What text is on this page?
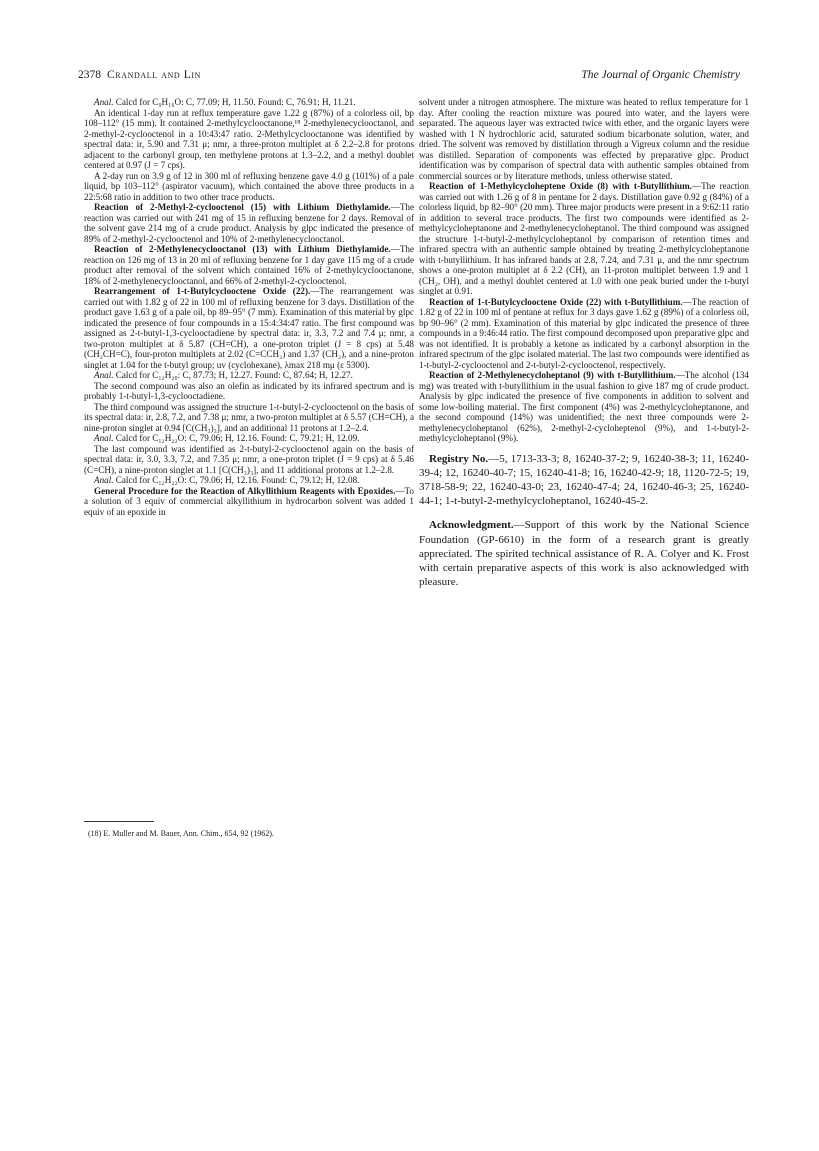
2378 Crandall and Lin	The Journal of Organic Chemistry

Anal. Calcd for C₉H₁₆O: C, 77.09; H, 11.50. Found: C, 76.91; H, 11.21.

An identical 1-day run at reflux temperature gave 1.22 g (87%) of a colorless oil, bp 108–112° (15 mm). It contained 2-methylcyclooctanone,¹⁸ 2-methylenecyclooctanol, and 2-methyl-2-cyclooctenol in a 10:43:47 ratio. 2-Methylcyclooctanone was identified by spectral data: ir, 5.90 and 7.31 μ; nmr, a three-proton multiplet at δ 2.2–2.8 for protons adjacent to the carbonyl group, ten methylene protons at 1.3–2.2, and a methyl doublet centered at 0.97 (J = 7 cps).

A 2-day run on 3.9 g of 12 in 300 ml of refluxing benzene gave 4.0 g (101%) of a pale liquid, bp 103–112° (aspirator vacuum), which contained the above three products in a 22:5:68 ratio in addition to two other trace products.

Reaction of 2-Methyl-2-cyclooctenol (15) with Lithium Diethylamide.—The reaction was carried out with 241 mg of 15 in refluxing benzene for 2 days. Removal of the solvent gave 214 mg of a crude product. Analysis by glpc indicated the presence of 89% of 2-methyl-2-cyclooctenol and 10% of 2-methylenecyclooctanol.

Reaction of 2-Methylenecyclooctanol (13) with Lithium Diethylamide.—The reaction on 126 mg of 13 in 20 ml of refluxing benzene for 1 day gave 115 mg of a crude product after removal of the solvent which contained 16% of 2-methylcyclooctanone, 18% of 2-methylenecyclooctanol, and 66% of 2-methyl-2-cyclooctenol.

Rearrangement of 1-t-Butylcyclooctene Oxide (22).—The rearrangement was carried out with 1.82 g of 22 in 100 ml of refluxing benzene for 3 days. Distillation of the product gave 1.63 g of a pale oil, bp 89–95° (7 mm). Examination of this material by glpc indicated the presence of four compounds in a 15:4:34:47 ratio. The first compound was assigned as 2-t-butyl-1,3-cyclooctadiene by spectral data: ir, 3.3, 7.2 and 7.4 μ; nmr, a two-proton multiplet at δ 5.87 (CH=CH), a one-proton triplet (J = 8 cps) at 5.48 (CH₂CH=C), four-proton multiplets at 2.02 (C=CCH₂) and 1.37 (CH₂), and a nine-proton singlet at 1.04 for the t-butyl group; uv (cyclohexane), λmax 218 mμ (ε 5300).

Anal. Calcd for C₁₂H₂₀: C, 87.73; H, 12.27. Found: C, 87.64; H, 12.27.

The second compound was also an olefin as indicated by its infrared spectrum and is probably 1-t-butyl-1,3-cyclooctadiene.

The third compound was assigned the structure 1-t-butyl-2-cyclooctenol on the basis of its spectral data: ir, 2.8, 7.2, and 7.38 μ; nmr, a two-proton multiplet at δ 5.57 (CH=CH), a nine-proton singlet at 0.94 [C(CH₃)₃], and an additional 11 protons at 1.2–2.4.

Anal. Calcd for C₁₂H₂₂O: C, 79.06; H, 12.16. Found: C, 79.21; H, 12.09.

The last compound was identified as 2-t-butyl-2-cyclooctenol again on the basis of spectral data: ir, 3.0, 3.3, 7.2, and 7.35 μ; nmr, a one-proton triplet (J = 9 cps) at δ 5.46 (C=CH), a nine-proton singlet at 1.1 [C(CH₃)₃], and 11 additional protons at 1.2–2.8.

Anal. Calcd for C₁₂H₂₂O: C, 79.06; H, 12.16. Found: C, 79.12; H, 12.08.

General Procedure for the Reaction of Alkyllithium Reagents with Epoxides.—To a solution of 3 equiv of commercial alkyllithium in hydrocarbon solvent was added 1 equiv of an epoxide in

(18) E. Muller and M. Bauer, Ann. Chim., 654, 92 (1962).

solvent under a nitrogen atmosphere. The mixture was heated to reflux temperature for 1 day. After cooling the reaction mixture was poured into water, and the layers were separated. The aqueous layer was extracted twice with ether, and the organic layers were washed with 1 N hydrochloric acid, saturated sodium bicarbonate solution, water, and dried. The solvent was removed by distillation through a Vigreux column and the residue was distilled. Separation of components was effected by preparative glpc. Product identification was by comparison of spectral data with authentic samples obtained from commercial sources or by literature methods, unless otherwise stated.

Reaction of 1-Methylcycloheptene Oxide (8) with t-Butyllithium.—The reaction was carried out with 1.26 g of 8 in pentane for 2 days. Distillation gave 0.92 g (84%) of a colorless liquid, bp 82–90° (20 mm). Three major products were present in a 9:62:11 ratio in addition to several trace products. The first two compounds were identified as 2-methylcycloheptanone and 2-methylenecycloheptanol. The third compound was assigned the structure 1-t-butyl-2-methylcycloheptanol by comparison of retention times and infrared spectra with an authentic sample obtained by treating 2-methylcycloheptanone with t-butyllithium. It has infrared bands at 2.8, 7.24, and 7.31 μ, and the nmr spectrum shows a one-proton multiplet at δ 2.2 (CH), an 11-proton multiplet between 1.9 and 1 (CH₂, OH), and a methyl doublet centered at 1.0 with one peak buried under the t-butyl singlet at 0.91.

Reaction of 1-t-Butylcyclooctene Oxide (22) with t-Butyllithium.—The reaction of 1.82 g of 22 in 100 ml of pentane at reflux for 3 days gave 1.62 g (89%) of a colorless oil, bp 90–96° (2 mm). Examination of this material by glpc indicated the presence of three compounds in a 9:46:44 ratio. The first compound decomposed upon preparative glpc and was not identified. It is probably a ketone as indicated by a carbonyl absorption in the infrared spectrum of the glpc isolated material. The last two compounds were identified as 1-t-butyl-2-cyclooctenol and 2-t-butyl-2-cyclooctenol, respectively.

Reaction of 2-Methylenecycloheptanol (9) with t-Butyllithium.—The alcohol (134 mg) was treated with t-butyllithium in the usual fashion to give 187 mg of crude product. Analysis by glpc indicated the presence of five components in addition to solvent and some low-boiling material. The first component (4%) was 2-methylcycloheptanone, and the second compound (14%) was unidentified; the next three compounds were 2-methylenecycloheptanol (62%), 2-methyl-2-cycloheptenol (9%), and 1-t-butyl-2-methylcycloheptanol (9%).

Registry No.—5, 1713-33-3; 8, 16240-37-2; 9, 16240-38-3; 11, 16240-39-4; 12, 16240-40-7; 15, 16240-41-8; 16, 16240-42-9; 18, 1120-72-5; 19, 3718-58-9; 22, 16240-43-0; 23, 16240-47-4; 24, 16240-46-3; 25, 16240-44-1; 1-t-butyl-2-methylcycloheptanol, 16240-45-2.

Acknowledgment.—Support of this work by the National Science Foundation (GP-6610) in the form of a research grant is greatly appreciated. The spirited technical assistance of R. A. Colyer and K. Frost with certain preparative aspects of this work is also acknowledged with pleasure.
